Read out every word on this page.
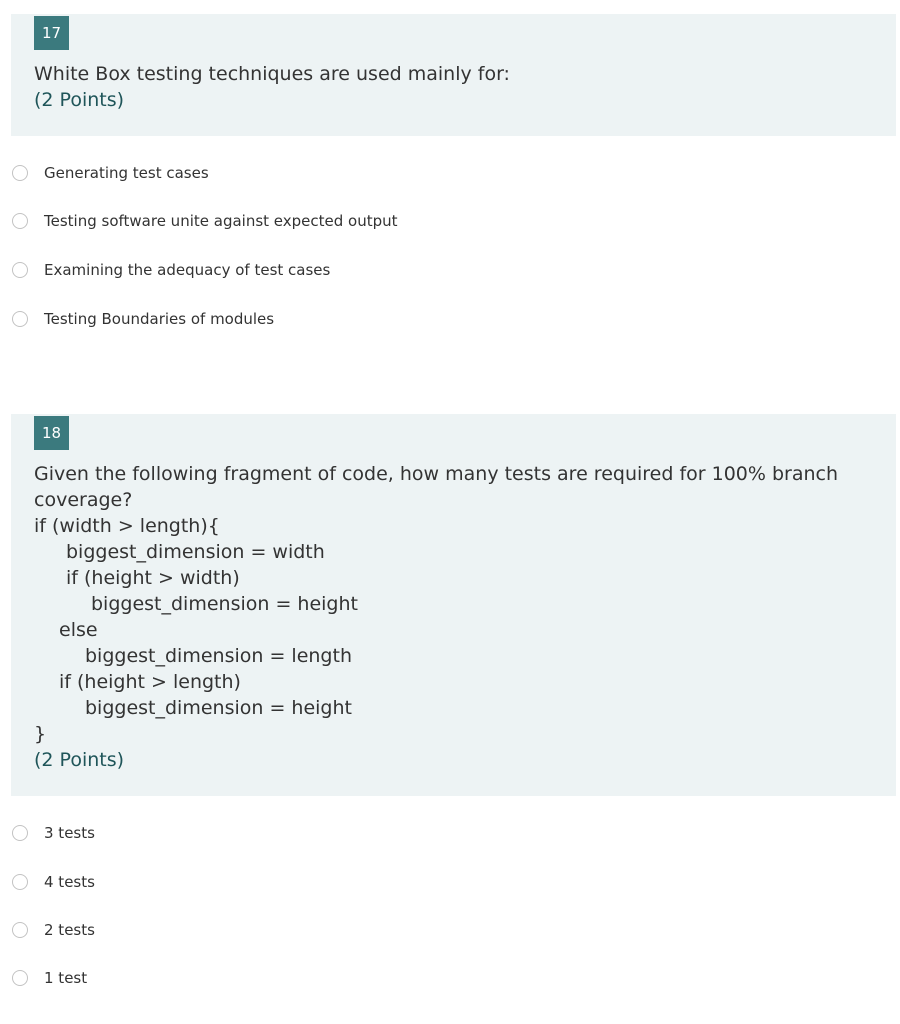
17
White Box testing techniques are used mainly for:
(2 Points)
Generating test cases
Testing software unite against expected output
Examining the adequacy of test cases
Testing Boundaries of modules
18
Given the following fragment of code, how many tests are required for 100% branch
coverage?
if (width > length){
biggest_dimension = width
if (height > width)
biggest_dimension = height
else
biggest_dimension = length
if (height > length)
biggest_dimension = height
}
(2 Points)
3 tests
4 tests
2 tests
1 test
